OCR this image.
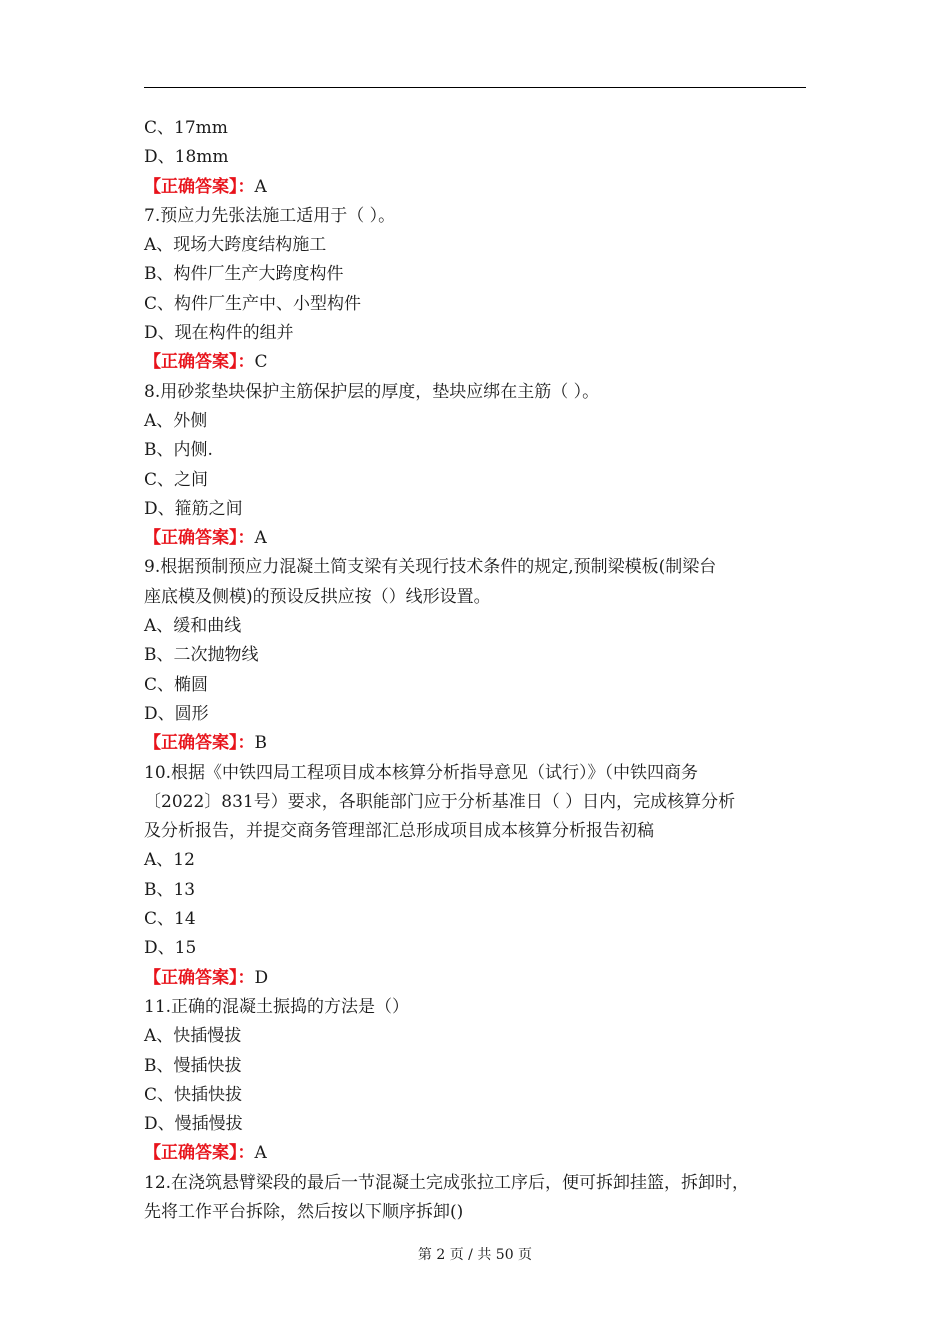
C、17mm
D、18mm
【正确答案】：A
7.预应力先张法施工适用于（ ）。
A、现场大跨度结构施工
B、构件厂生产大跨度构件
C、构件厂生产中、小型构件
D、现在构件的组并
【正确答案】：C
8.用砂浆垫块保护主筋保护层的厚度，垫块应绑在主筋（ ）。
A、外侧
B、内侧.
C、之间
D、箍筋之间
【正确答案】：A
9.根据预制预应力混凝土简支梁有关现行技术条件的规定,预制梁模板(制梁台
座底模及侧模)的预设反拱应按（）线形设置。
A、缓和曲线
B、二次抛物线
C、椭圆
D、圆形
【正确答案】：B
10.根据《中铁四局工程项目成本核算分析指导意见（试行）》（中铁四商务
〔2022〕831号）要求，各职能部门应于分析基准日（ ）日内，完成核算分析
及分析报告，并提交商务管理部汇总形成项目成本核算分析报告初稿
A、12
B、13
C、14
D、15
【正确答案】：D
11.正确的混凝土振捣的方法是（）
A、快插慢拔
B、慢插快拔
C、快插快拔
D、慢插慢拔
【正确答案】：A
12.在浇筑悬臂梁段的最后一节混凝土完成张拉工序后，便可拆卸挂篮，拆卸时，
先将工作平台拆除，然后按以下顺序拆卸()
第 2 页 / 共 50 页
